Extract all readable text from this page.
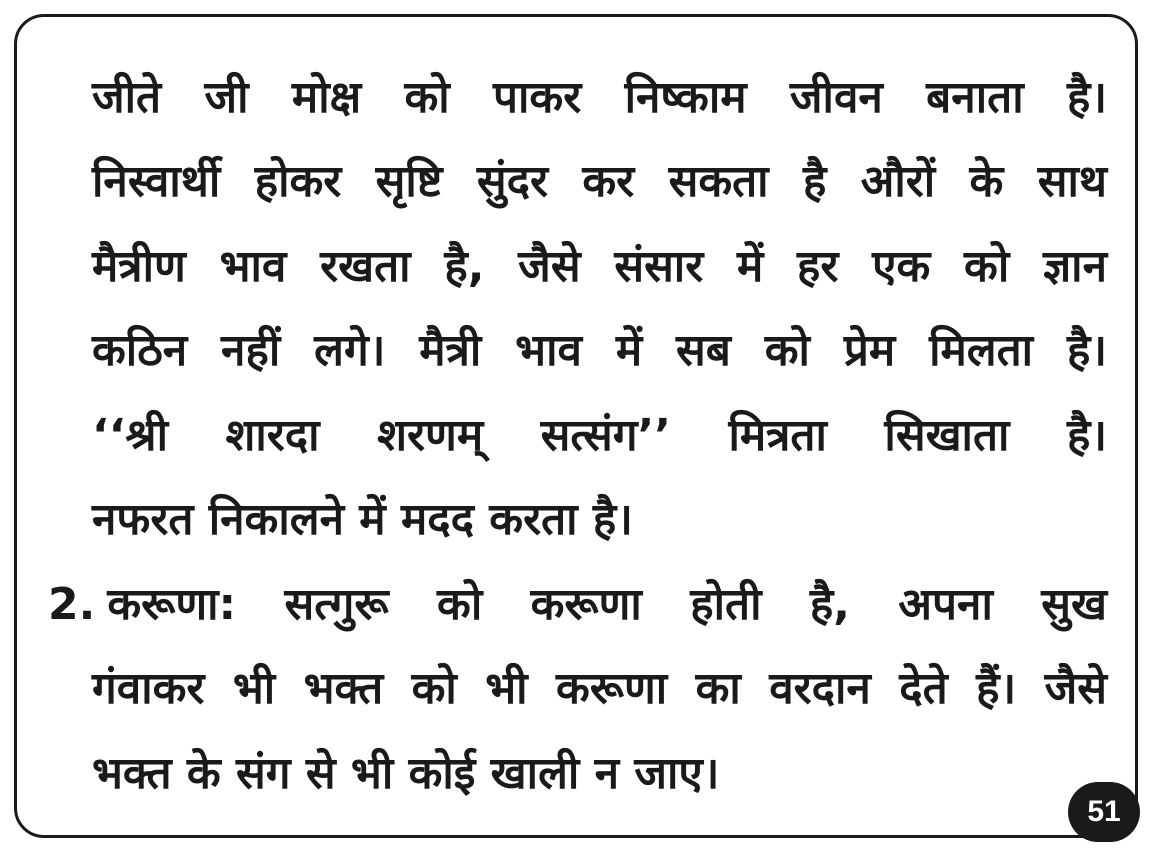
जीते जी मोक्ष को पाकर निष्काम जीवन बनाता है।
निस्वार्थी होकर सृष्टि सुंदर कर सकता है औरों के साथ
मैत्रीण भाव रखता है, जैसे संसार में हर एक को ज्ञान
कठिन नहीं लगे। मैत्री भाव में सब को प्रेम मिलता है।
‘‘श्री शारदा शरणम् सत्संग’’ मित्रता सिखाता है।
नफरत निकालने में मदद करता है।
2. करूणा: सत्गुरू को करूणा होती है, अपना सुख
गंवाकर भी भक्त को भी करूणा का वरदान देते हैं। जैसे
भक्त के संग से भी कोई खाली न जाए।
51
